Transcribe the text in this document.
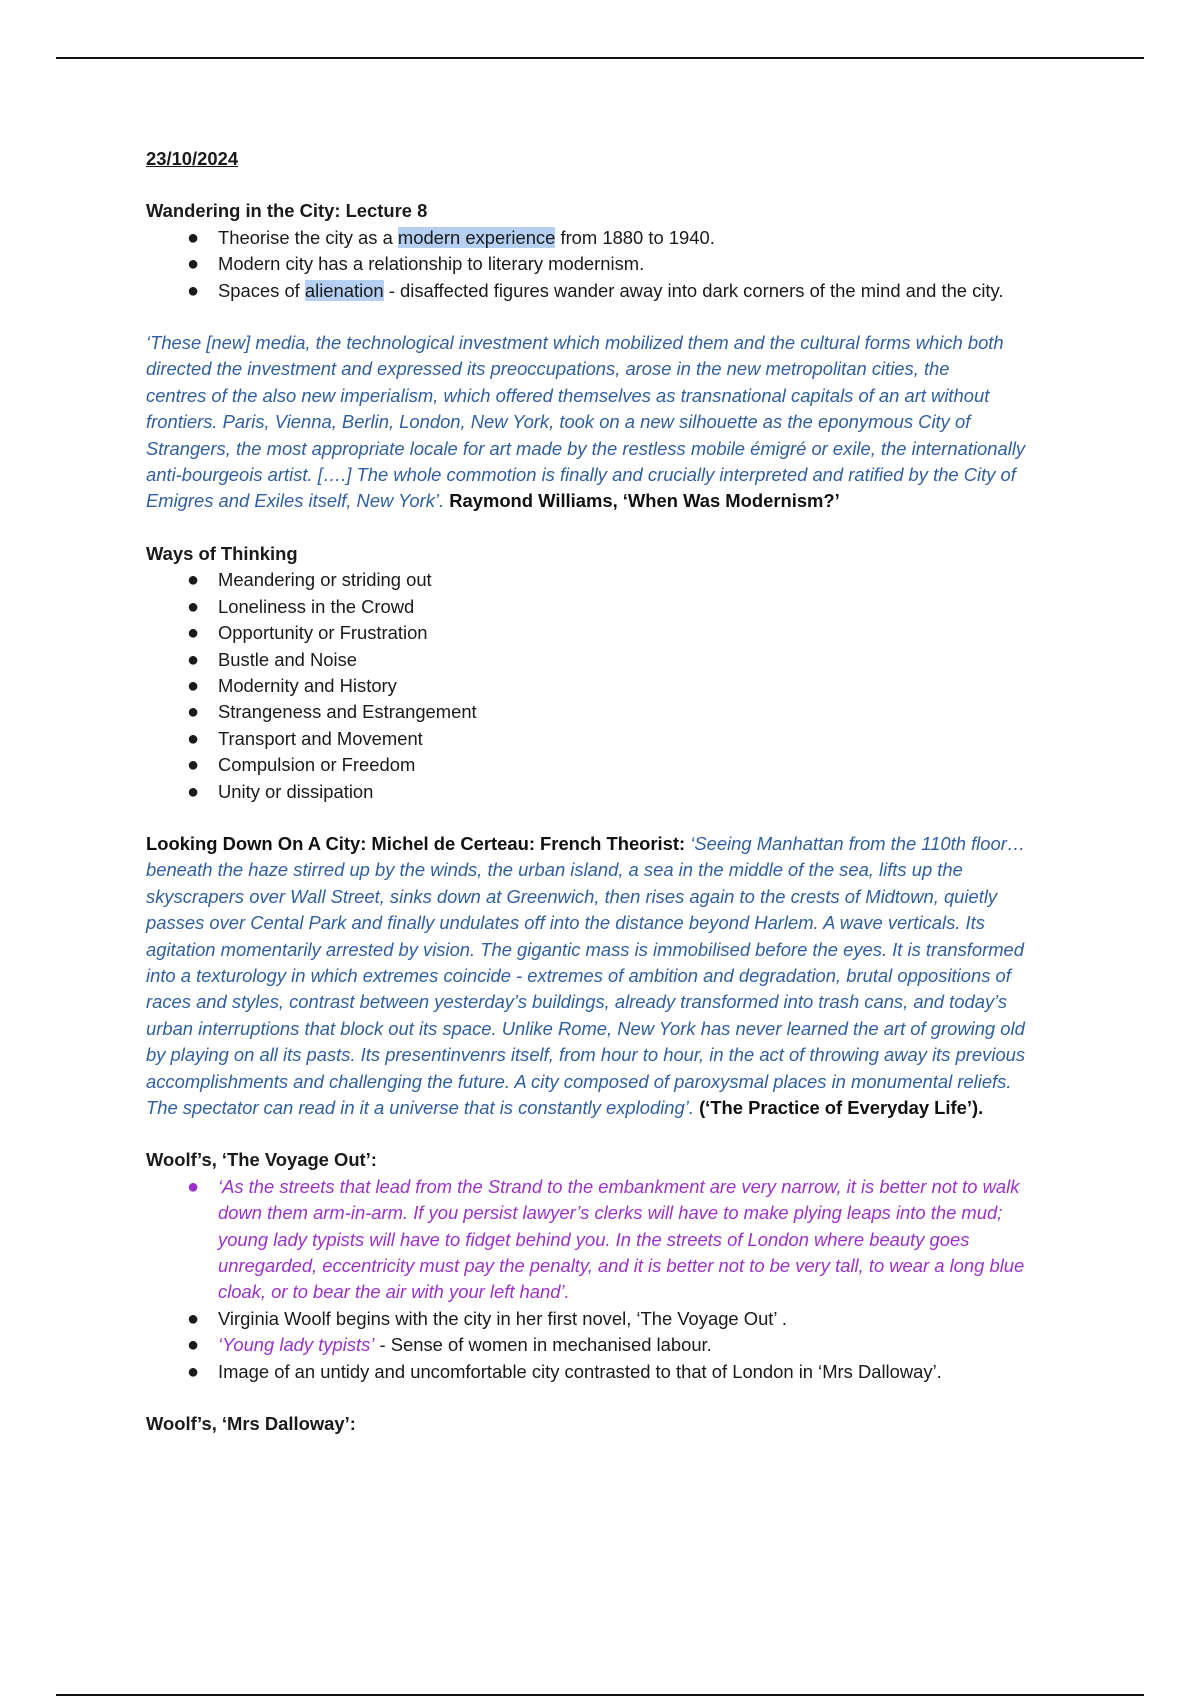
23/10/2024

Wandering in the City: Lecture 8

● Theorise the city as a modern experience from 1880 to 1940.
● Modern city has a relationship to literary modernism.
● Spaces of alienation - disaffected figures wander away into dark corners of the mind and the city.

‘These [new] media, the technological investment which mobilized them and the cultural forms which both directed the investment and expressed its preoccupations, arose in the new metropolitan cities, the
centres of the also new imperialism, which offered themselves as transnational capitals of an art without frontiers. Paris, Vienna, Berlin, London, New York, took on a new silhouette as the eponymous City of Strangers, the most appropriate locale for art made by the restless mobile émigré or exile, the internationally anti-bourgeois artist. [….] The whole commotion is finally and crucially interpreted and ratified by the City of Emigres and Exiles itself, New York’. Raymond Williams, ‘When Was Modernism?’

Ways of Thinking

● Meandering or striding out
● Loneliness in the Crowd
● Opportunity or Frustration
● Bustle and Noise
● Modernity and History
● Strangeness and Estrangement
● Transport and Movement
● Compulsion or Freedom
● Unity or dissipation

Looking Down On A City: Michel de Certeau: French Theorist: ‘Seeing Manhattan from the 110th floor… beneath the haze stirred up by the winds, the urban island, a sea in the middle of the sea, lifts up the skyscrapers over Wall Street, sinks down at Greenwich, then rises again to the crests of Midtown, quietly passes over Cental Park and finally undulates off into the distance beyond Harlem. A wave verticals. Its agitation momentarily arrested by vision. The gigantic mass is immobilised before the eyes. It is transformed into a texturology in which extremes coincide - extremes of ambition and degradation, brutal oppositions of races and styles, contrast between yesterday’s buildings, already transformed into trash cans, and today’s urban interruptions that block out its space. Unlike Rome, New York has never learned the art of growing old by playing on all its pasts. Its presentinvenrs itself, from hour to hour, in the act of throwing away its previous accomplishments and challenging the future. A city composed of paroxysmal places in monumental reliefs. The spectator can read in it a universe that is constantly exploding’. (‘The Practice of Everyday Life’).

Woolf’s, ‘The Voyage Out’:

● ‘As the streets that lead from the Strand to the embankment are very narrow, it is better not to walk down them arm-in-arm. If you persist lawyer’s clerks will have to make plying leaps into the mud; young lady typists will have to fidget behind you. In the streets of London where beauty goes unregarded, eccentricity must pay the penalty, and it is better not to be very tall, to wear a long blue cloak, or to bear the air with your left hand’.
● Virginia Woolf begins with the city in her first novel, ‘The Voyage Out’ .
● ‘Young lady typists’ - Sense of women in mechanised labour.
● Image of an untidy and uncomfortable city contrasted to that of London in ‘Mrs Dalloway’.

Woolf’s, ‘Mrs Dalloway’:
